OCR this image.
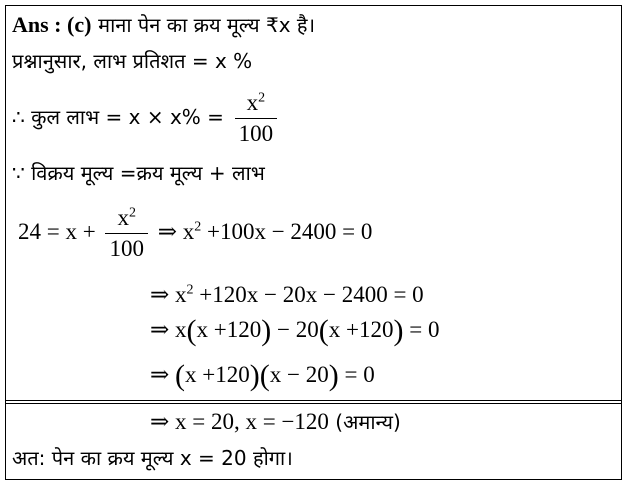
Ans : (c) माना पेन का क्रय मूल्य ₹x है।
प्रश्नानुसार, लाभ प्रतिशत = x %
∴ कुल लाभ = $x \times x\% = \frac{x^2}{100}$
∵ विक्रय मूल्य =क्रय मूल्य + लाभ
$24 = x + \frac{x^2}{100}$ ⇒ $x^2 +100x - 2400 = 0$
⇒ $x^2 +120x - 20x - 2400 = 0$
⇒ x(x +120) − 20(x +120) = 0
⇒ (x +120)(x − 20) = 0
⇒ x = 20, x = −120 (अमान्य)
अत: पेन का क्रय मूल्य x = 20 होगा।
